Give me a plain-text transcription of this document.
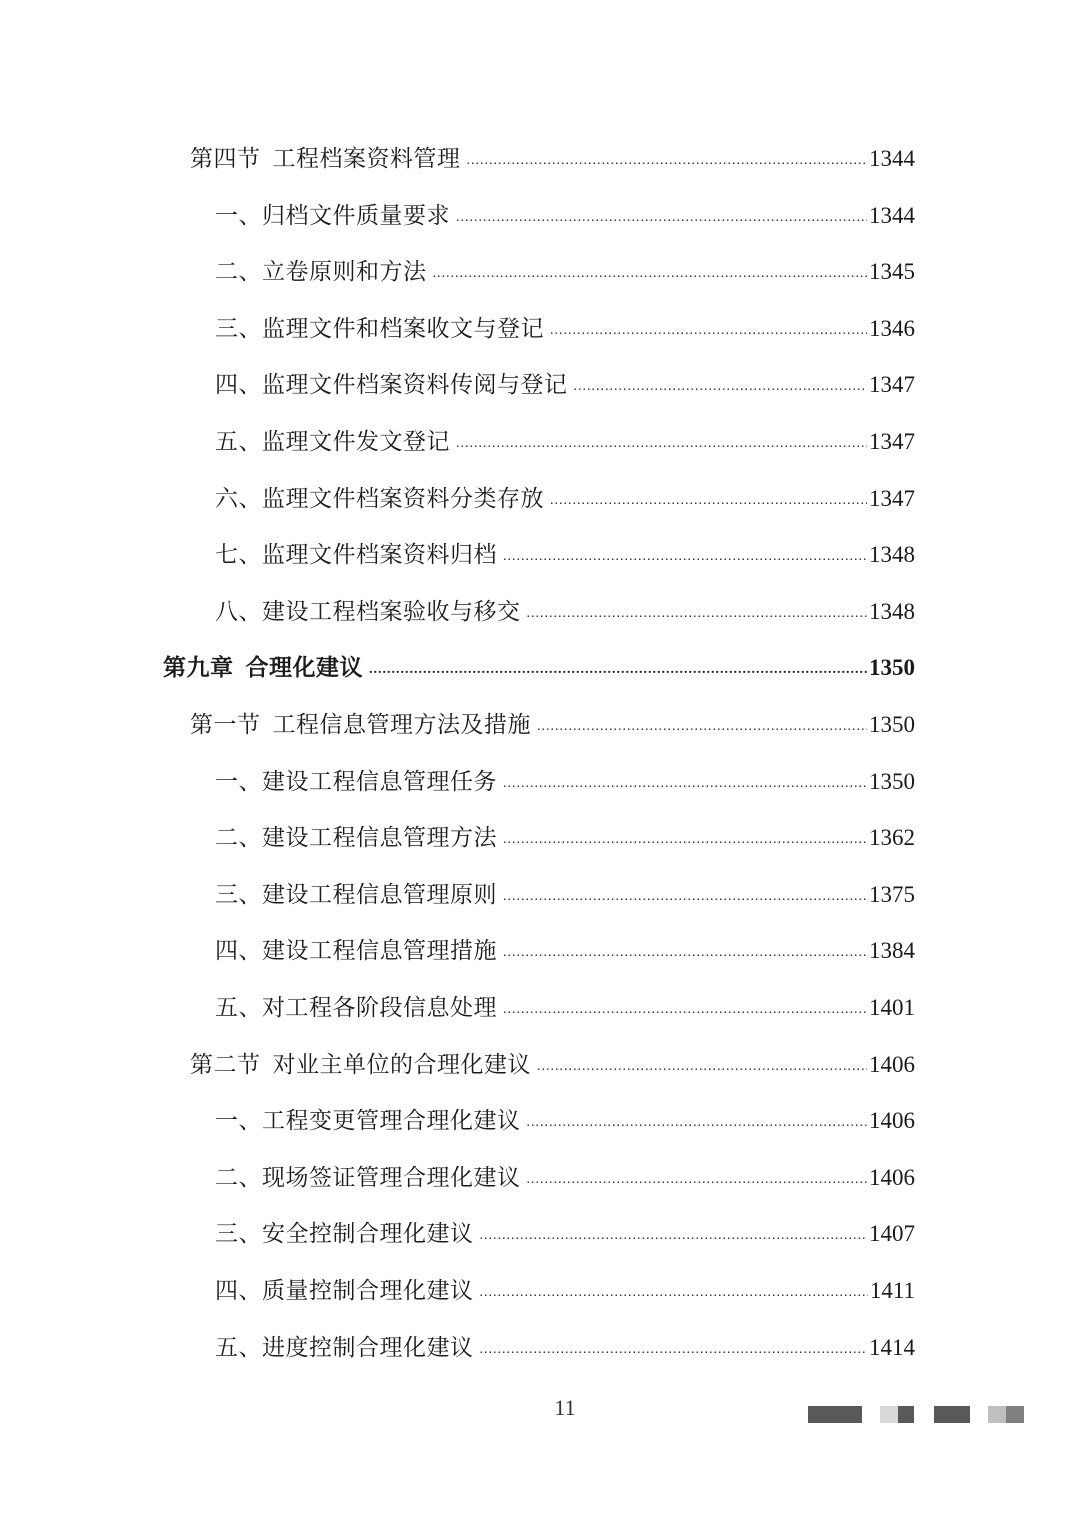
第四节 工程档案资料管理 .....	1344
一、归档文件质量要求 .....	1344
二、立卷原则和方法 .....	1345
三、监理文件和档案收文与登记 .....	1346
四、监理文件档案资料传阅与登记 .....	1347
五、监理文件发文登记 .....	1347
六、监理文件档案资料分类存放 .....	1347
七、监理文件档案资料归档 .....	1348
八、建设工程档案验收与移交 .....	1348
第九章 合理化建议 .....	1350
第一节 工程信息管理方法及措施 .....	1350
一、建设工程信息管理任务 .....	1350
二、建设工程信息管理方法 .....	1362
三、建设工程信息管理原则 .....	1375
四、建设工程信息管理措施 .....	1384
五、对工程各阶段信息处理 .....	1401
第二节 对业主单位的合理化建议 .....	1406
一、工程变更管理合理化建议 .....	1406
二、现场签证管理合理化建议 .....	1406
三、安全控制合理化建议 .....	1407
四、质量控制合理化建议 .....	1411
五、进度控制合理化建议 .....	1414
11
